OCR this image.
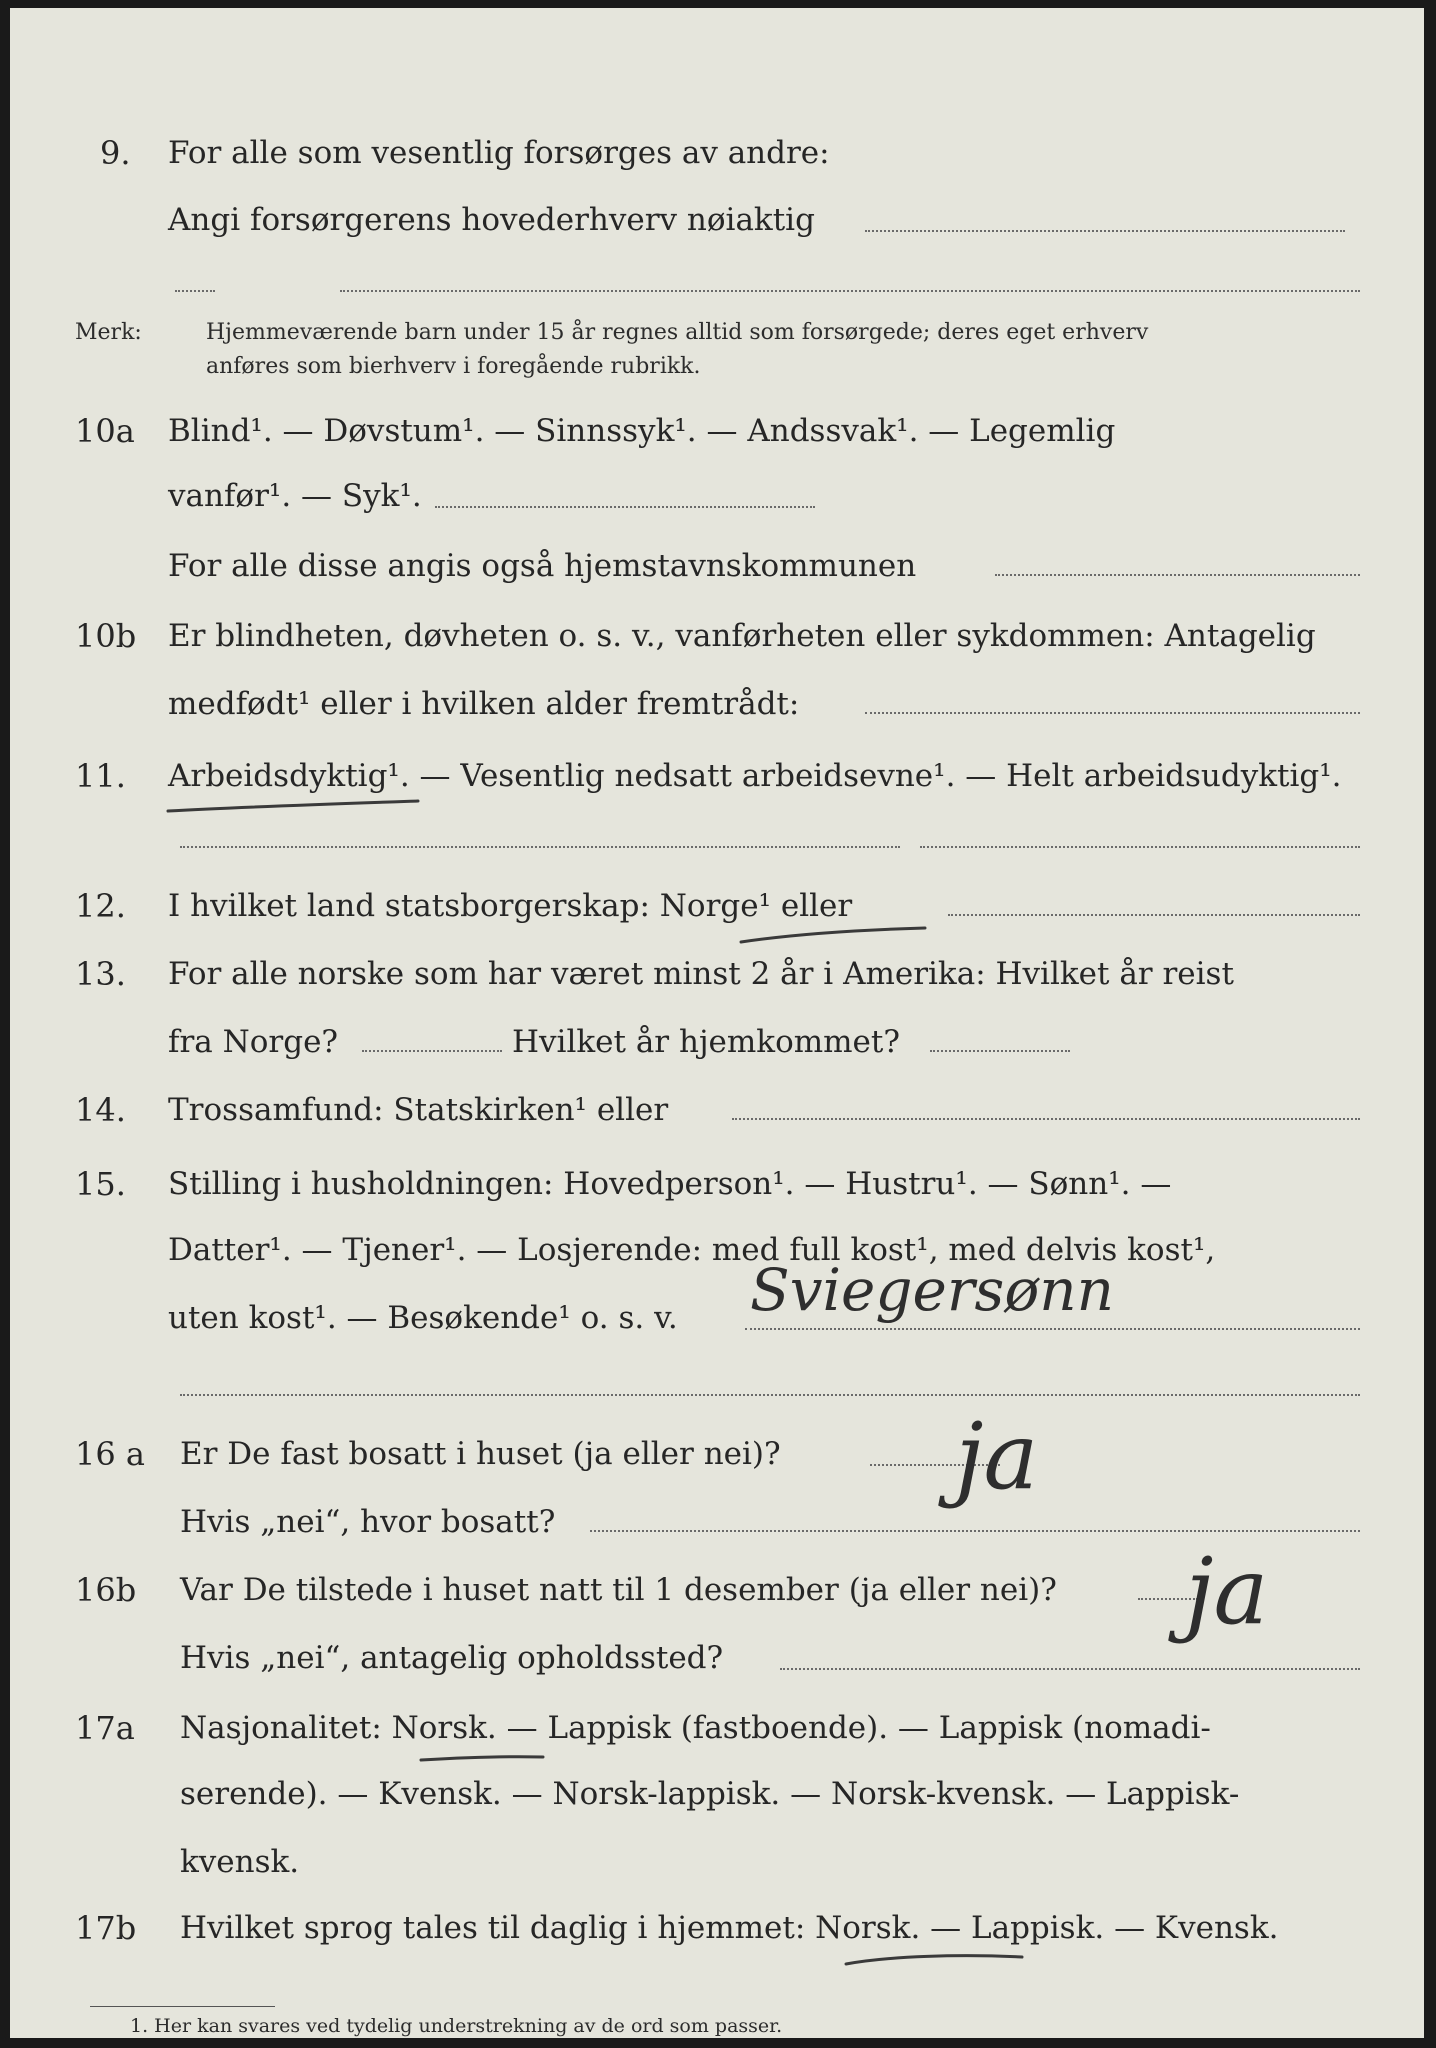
9. For alle som vesentlig forsørges av andre:
Angi forsørgerens hovederhverv nøiaktig
Merk:	Hjemmeværende barn under 15 år regnes alltid som forsørgede; deres eget erhverv
anføres som bierhverv i foregående rubrikk.
10a Blind¹. — Døvstum¹. — Sinnssyk¹. — Andssvak¹. — Legemlig
vanfør¹. — Syk¹.
For alle disse angis også hjemstavnskommunen
10b Er blindheten, døvheten o. s. v., vanførheten eller sykdommen: Antagelig
medfødt¹ eller i hvilken alder fremtrådt:
11. Arbeidsdyktig¹. — Vesentlig nedsatt arbeidsevne¹. — Helt arbeidsudyktig¹.
12. I hvilket land statsborgerskap: Norge¹ eller
13. For alle norske som har været minst 2 år i Amerika: Hvilket år reist
fra Norge?	Hvilket år hjemkommet?
14. Trossamfund: Statskirken¹ eller
15. Stilling i husholdningen: Hovedperson¹. — Hustru¹. — Sønn¹. —
Datter¹. — Tjener¹. — Losjerende: med full kost¹, med delvis kost¹,
uten kost¹. — Besøkende¹ o. s. v. Sviegersønn
16 a Er De fast bosatt i huset (ja eller nei)? ja
Hvis „nei“, hvor bosatt?
16b Var De tilstede i huset natt til 1 desember (ja eller nei)? ja
Hvis „nei“, antagelig opholdssted?
17a Nasjonalitet: Norsk. — Lappisk (fastboende). — Lappisk (nomadi-
serende). — Kvensk. — Norsk-lappisk. — Norsk-kvensk. — Lappisk-
kvensk.
17b Hvilket sprog tales til daglig i hjemmet: Norsk. — Lappisk. — Kvensk.
1. Her kan svares ved tydelig understrekning av de ord som passer.
